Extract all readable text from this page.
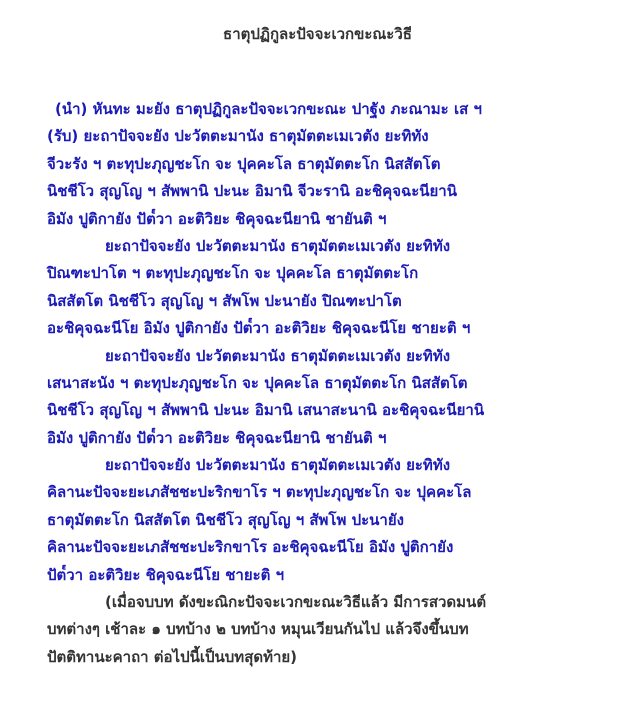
ธาตุปฏิกูละปัจจะเวกขะณะวิธี
(นำ) หันทะ มะยัง ธาตุปฏิกูละปัจจะเวกขะณะ ปาฐัง ภะณามะ เส ฯ
(รับ) ยะถาปัจจะยัง ปะวัตตะมานัง ธาตุมัตตะเมเวตัง ยะทิทัง
จีวะรัง ฯ ตะทุปะภุญชะโก จะ ปุคคะโล ธาตุมัตตะโก นิสสัตโต
นิชชีโว สุญโญ ฯ สัพพานิ ปะนะ อิมานิ จีวะรานิ อะชิคุจฉะนียานิ
อิมัง ปูติกายัง ปัต๎วา อะติวิยะ ชิคุจฉะนียานิ ชายันติ ฯ
ยะถาปัจจะยัง ปะวัตตะมานัง ธาตุมัตตะเมเวตัง ยะทิทัง
ปิณฑะปาโต ฯ ตะทุปะภุญชะโก จะ ปุคคะโล ธาตุมัตตะโก
นิสสัตโต นิชชีโว สุญโญ ฯ สัพโพ ปะนายัง ปิณฑะปาโต
อะชิคุจฉะนีโย อิมัง ปูติกายัง ปัต๎วา อะติวิยะ ชิคุจฉะนีโย ชายะติ ฯ
ยะถาปัจจะยัง ปะวัตตะมานัง ธาตุมัตตะเมเวตัง ยะทิทัง
เสนาสะนัง ฯ ตะทุปะภุญชะโก จะ ปุคคะโล ธาตุมัตตะโก นิสสัตโต
นิชชีโว สุญโญ ฯ สัพพานิ ปะนะ อิมานิ เสนาสะนานิ อะชิคุจฉะนียานิ
อิมัง ปูติกายัง ปัต๎วา อะติวิยะ ชิคุจฉะนียานิ ชายันติ ฯ
ยะถาปัจจะยัง ปะวัตตะมานัง ธาตุมัตตะเมเวตัง ยะทิทัง
คิลานะปัจจะยะเภสัชชะปะริกขาโร ฯ ตะทุปะภุญชะโก จะ ปุคคะโล
ธาตุมัตตะโก นิสสัตโต นิชชีโว สุญโญ ฯ สัพโพ ปะนายัง
คิลานะปัจจะยะเภสัชชะปะริกขาโร อะชิคุจฉะนีโย อิมัง ปูติกายัง
ปัต๎วา อะติวิยะ ชิคุจฉะนีโย ชายะติ ฯ
(เมื่อจบบท ดังขะณิกะปัจจะเวกขะณะวิธีแล้ว มีการสวดมนต์
บทต่างๆ เช้าละ ๑ บทบ้าง ๒ บทบ้าง หมุนเวียนกันไป แล้วจึงขึ้นบท
ปัตติทานะคาถา ต่อไปนี้เป็นบทสุดท้าย)
